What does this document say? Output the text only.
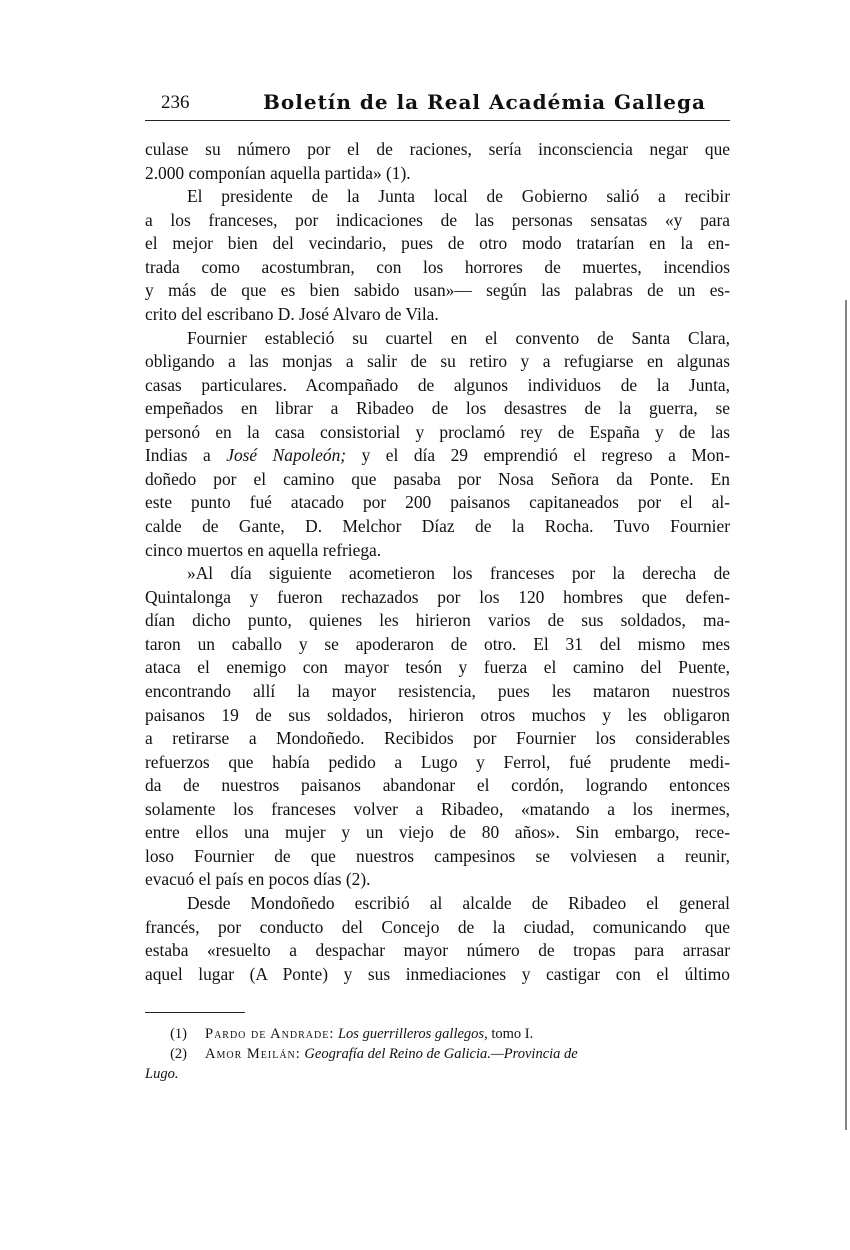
236	Boletín de la Real Académia Gallega
culase su número por el de raciones, sería inconsciencia negar que
2.000 componían aquella partida» (1).
El presidente de la Junta local de Gobierno salió a recibir
a los franceses, por indicaciones de las personas sensatas «y para
el mejor bien del vecindario, pues de otro modo tratarían en la en-
trada como acostumbran, con los horrores de muertes, incendios
y más de que es bien sabido usan»— según las palabras de un es-
crito del escribano D. José Alvaro de Vila.
Fournier estableció su cuartel en el convento de Santa Clara,
obligando a las monjas a salir de su retiro y a refugiarse en algunas
casas particulares. Acompañado de algunos individuos de la Junta,
empeñados en librar a Ribadeo de los desastres de la guerra, se
personó en la casa consistorial y proclamó rey de España y de las
Indias a José Napoleón; y el día 29 emprendió el regreso a Mon-
doñedo por el camino que pasaba por Nosa Señora da Ponte. En
este punto fué atacado por 200 paisanos capitaneados por el al-
calde de Gante, D. Melchor Díaz de la Rocha. Tuvo Fournier
cinco muertos en aquella refriega.
»Al día siguiente acometieron los franceses por la derecha de
Quintalonga y fueron rechazados por los 120 hombres que defen-
dían dicho punto, quienes les hirieron varios de sus soldados, ma-
taron un caballo y se apoderaron de otro. El 31 del mismo mes
ataca el enemigo con mayor tesón y fuerza el camino del Puente,
encontrando allí la mayor resistencia, pues les mataron nuestros
paisanos 19 de sus soldados, hirieron otros muchos y les obligaron
a retirarse a Mondoñedo. Recibidos por Fournier los considerables
refuerzos que había pedido a Lugo y Ferrol, fué prudente medi-
da de nuestros paisanos abandonar el cordón, logrando entonces
solamente los franceses volver a Ribadeo, «matando a los inermes,
entre ellos una mujer y un viejo de 80 años». Sin embargo, rece-
loso Fournier de que nuestros campesinos se volviesen a reunir,
evacuó el país en pocos días (2).
Desde Mondoñedo escribió al alcalde de Ribadeo el general
francés, por conducto del Concejo de la ciudad, comunicando que
estaba «resuelto a despachar mayor número de tropas para arrasar
aquel lugar (A Ponte) y sus inmediaciones y castigar con el último
(1) Pardo de Andrade: Los guerrilleros gallegos, tomo I.
(2) Amor Meilán: Geografía del Reino de Galicia.—Provincia de
Lugo.
